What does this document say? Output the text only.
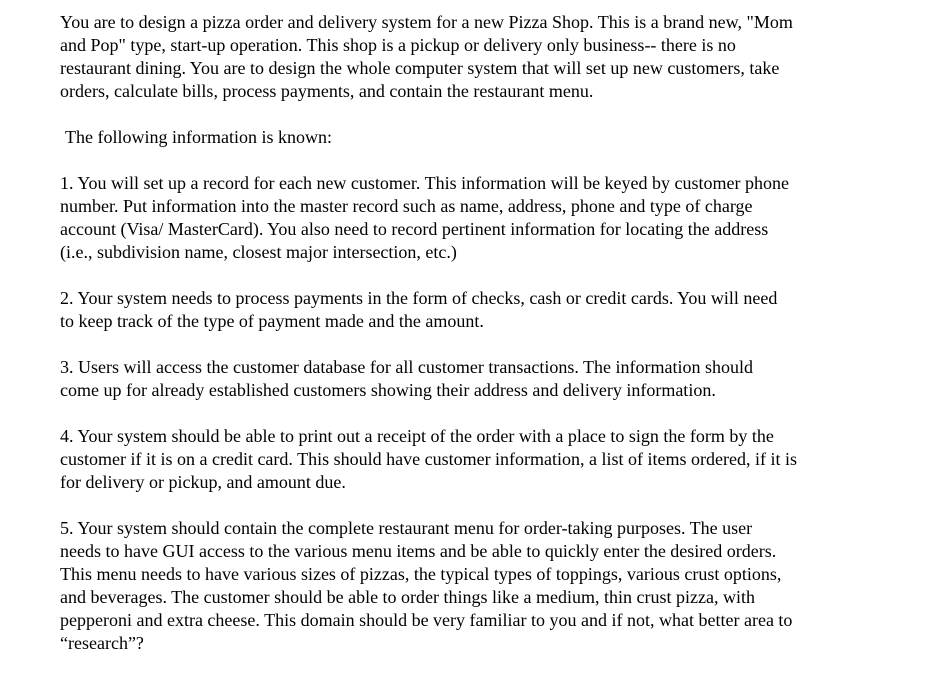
You are to design a pizza order and delivery system for a new Pizza Shop. This is a brand new, "Mom
and Pop" type, start-up operation. This shop is a pickup or delivery only business-- there is no
restaurant dining. You are to design the whole computer system that will set up new customers, take
orders, calculate bills, process payments, and contain the restaurant menu.

The following information is known:

1. You will set up a record for each new customer. This information will be keyed by customer phone
number. Put information into the master record such as name, address, phone and type of charge
account (Visa/ MasterCard). You also need to record pertinent information for locating the address
(i.e., subdivision name, closest major intersection, etc.)

2. Your system needs to process payments in the form of checks, cash or credit cards. You will need
to keep track of the type of payment made and the amount.

3. Users will access the customer database for all customer transactions. The information should
come up for already established customers showing their address and delivery information.

4. Your system should be able to print out a receipt of the order with a place to sign the form by the
customer if it is on a credit card. This should have customer information, a list of items ordered, if it is
for delivery or pickup, and amount due.

5. Your system should contain the complete restaurant menu for order-taking purposes. The user
needs to have GUI access to the various menu items and be able to quickly enter the desired orders.
This menu needs to have various sizes of pizzas, the typical types of toppings, various crust options,
and beverages. The customer should be able to order things like a medium, thin crust pizza, with
pepperoni and extra cheese. This domain should be very familiar to you and if not, what better area to
“research”?
